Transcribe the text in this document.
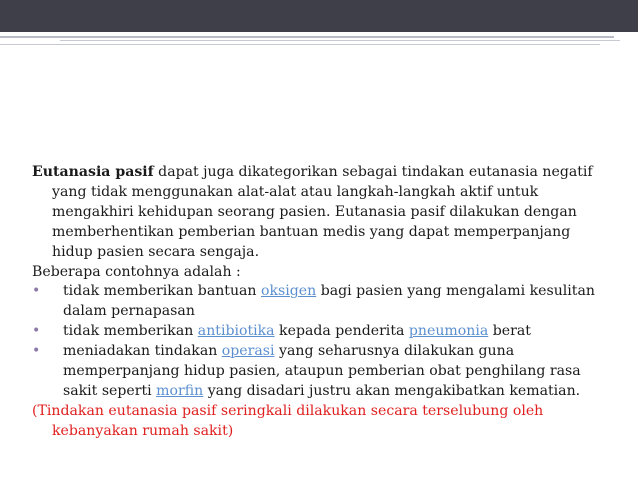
Eutanasia pasif dapat juga dikategorikan sebagai tindakan eutanasia negatif yang tidak menggunakan alat-alat atau langkah-langkah aktif untuk mengakhiri kehidupan seorang pasien. Eutanasia pasif dilakukan dengan memberhentikan pemberian bantuan medis yang dapat memperpanjang hidup pasien secara sengaja.

Beberapa contohnya adalah :

•	tidak memberikan bantuan oksigen bagi pasien yang mengalami kesulitan dalam pernapasan

•	tidak memberikan antibiotika kepada penderita pneumonia berat

•	meniadakan tindakan operasi yang seharusnya dilakukan guna memperpanjang hidup pasien, ataupun pemberian obat penghilang rasa sakit seperti morfin yang disadari justru akan mengakibatkan kematian.

(Tindakan eutanasia pasif seringkali dilakukan secara terselubung oleh kebanyakan rumah sakit)
